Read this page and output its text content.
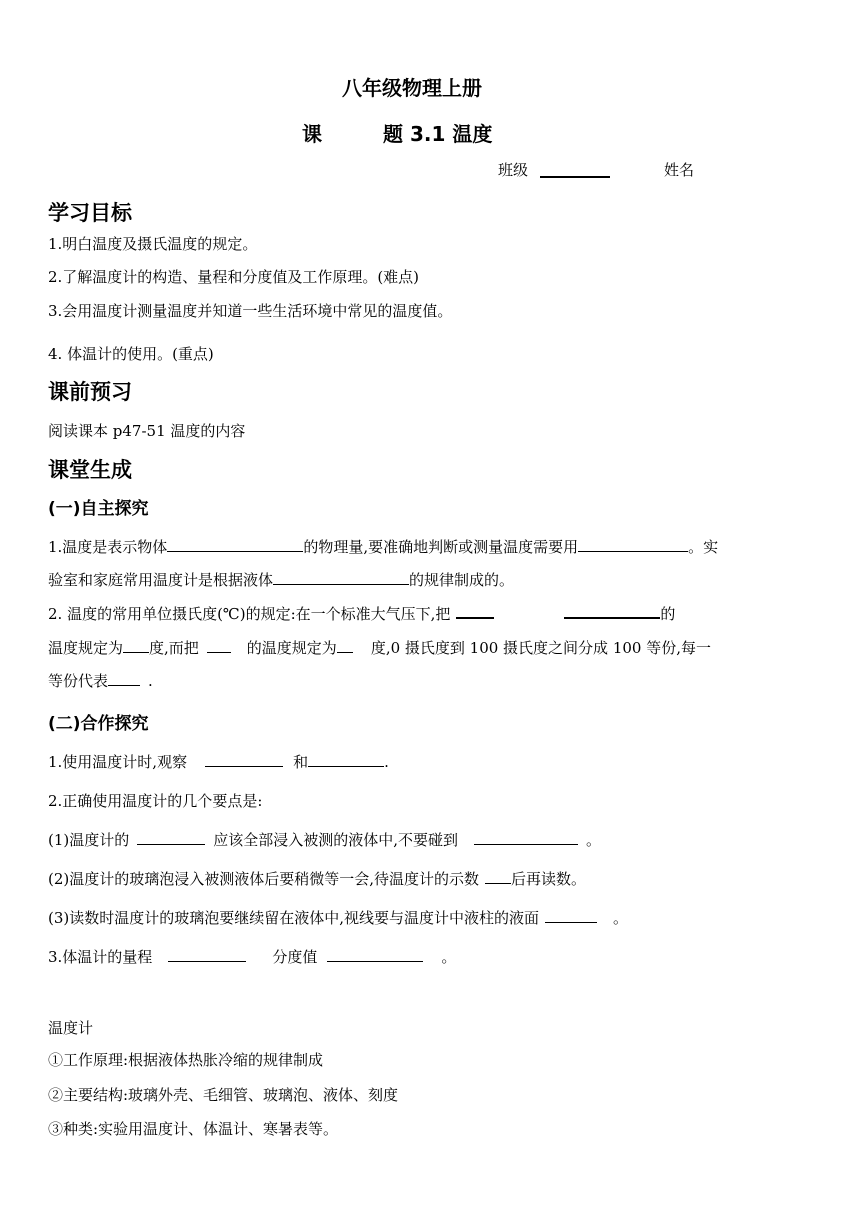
八年级物理上册
课	题 3.1 温度
班级	姓名
学习目标
1.明白温度及摄氏温度的规定。
2.了解温度计的构造、量程和分度值及工作原理。(难点)
3.会用温度计测量温度并知道一些生活环境中常见的温度值。
4. 体温计的使用。(重点)
课前预习
阅读课本 p47-51 温度的内容
课堂生成
(一)自主探究
1.温度是表示物体	的物理量,要准确地判断或测量温度需要用	。实
验室和家庭常用温度计是根据液体	的规律制成的。
2. 温度的常用单位摄氏度(℃)的规定:在一个标准大气压下,把	的
温度规定为 度,而把	的温度规定为 度,0 摄氏度到 100 摄氏度之间分成 100 等份,每一
等份代表	.
(二)合作探究
1.使用温度计时,观察	和	.
2.正确使用温度计的几个要点是:
(1)温度计的	应该全部浸入被测的液体中,不要碰到	。
(2)温度计的玻璃泡浸入被测液体后要稍微等一会,待温度计的示数 后再读数。
(3)读数时温度计的玻璃泡要继续留在液体中,视线要与温度计中液柱的液面	。
3.体温计的量程	分度值	。
温度计
①工作原理:根据液体热胀冷缩的规律制成
②主要结构:玻璃外壳、毛细管、玻璃泡、液体、刻度
③种类:实验用温度计、体温计、寒暑表等。
